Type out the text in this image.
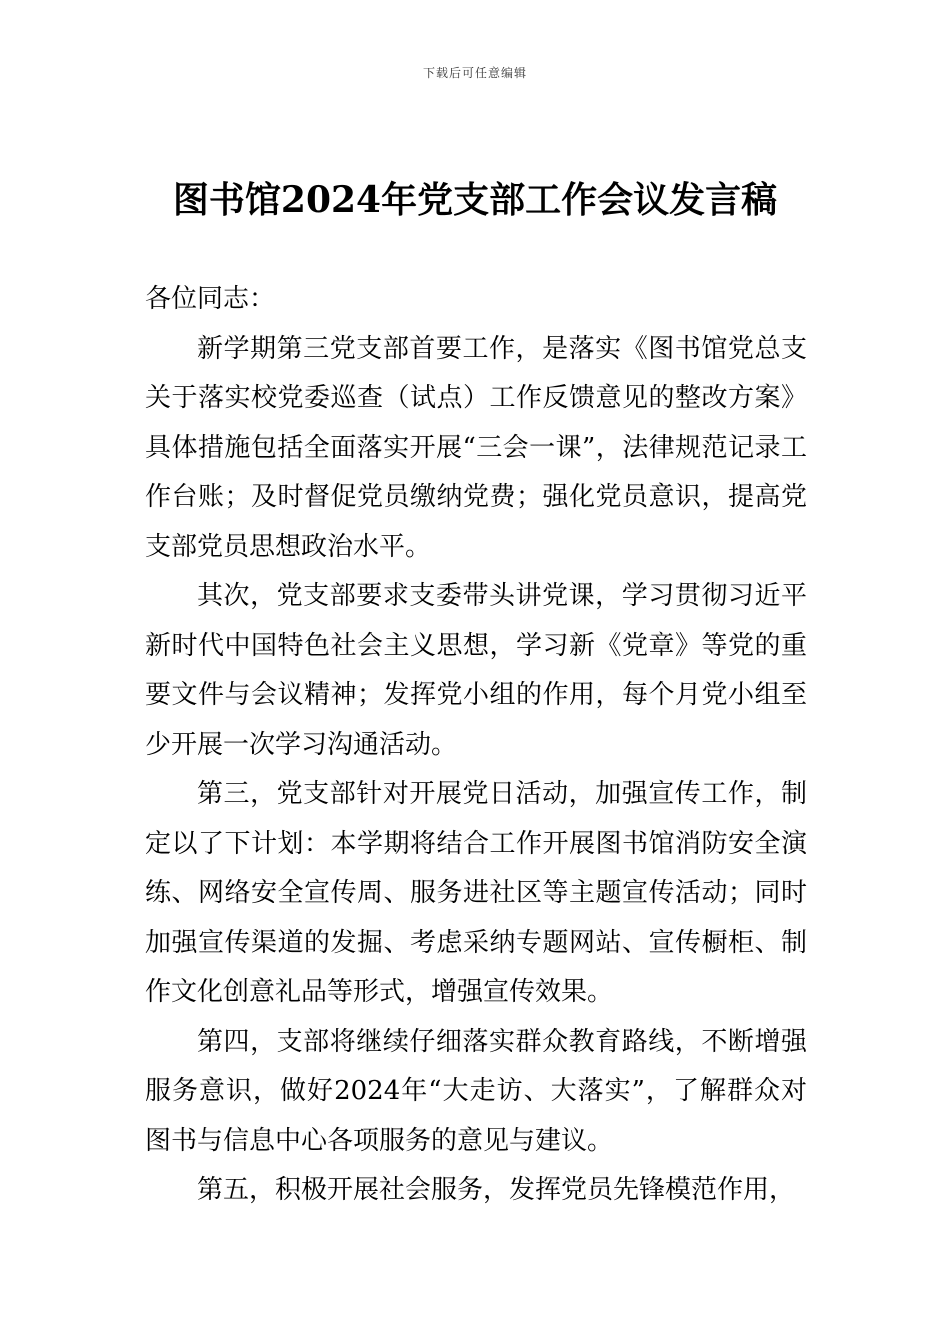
下载后可任意编辑
图书馆2024年党支部工作会议发言稿

各位同志：

新学期第三党支部首要工作，是落实《图书馆党总支关于落实校党委巡查（试点）工作反馈意见的整改方案》具体措施包括全面落实开展“三会一课”，法律规范记录工作台账；及时督促党员缴纳党费；强化党员意识，提高党支部党员思想政治水平。

其次，党支部要求支委带头讲党课，学习贯彻习近平新时代中国特色社会主义思想，学习新《党章》等党的重要文件与会议精神；发挥党小组的作用，每个月党小组至少开展一次学习沟通活动。

第三，党支部针对开展党日活动，加强宣传工作，制定以了下计划：本学期将结合工作开展图书馆消防安全演练、网络安全宣传周、服务进社区等主题宣传活动；同时加强宣传渠道的发掘、考虑采纳专题网站、宣传橱柜、制作文化创意礼品等形式，增强宣传效果。

第四，支部将继续仔细落实群众教育路线，不断增强服务意识，做好2024年“大走访、大落实”，了解群众对图书与信息中心各项服务的意见与建议。

第五，积极开展社会服务，发挥党员先锋模范作用，
